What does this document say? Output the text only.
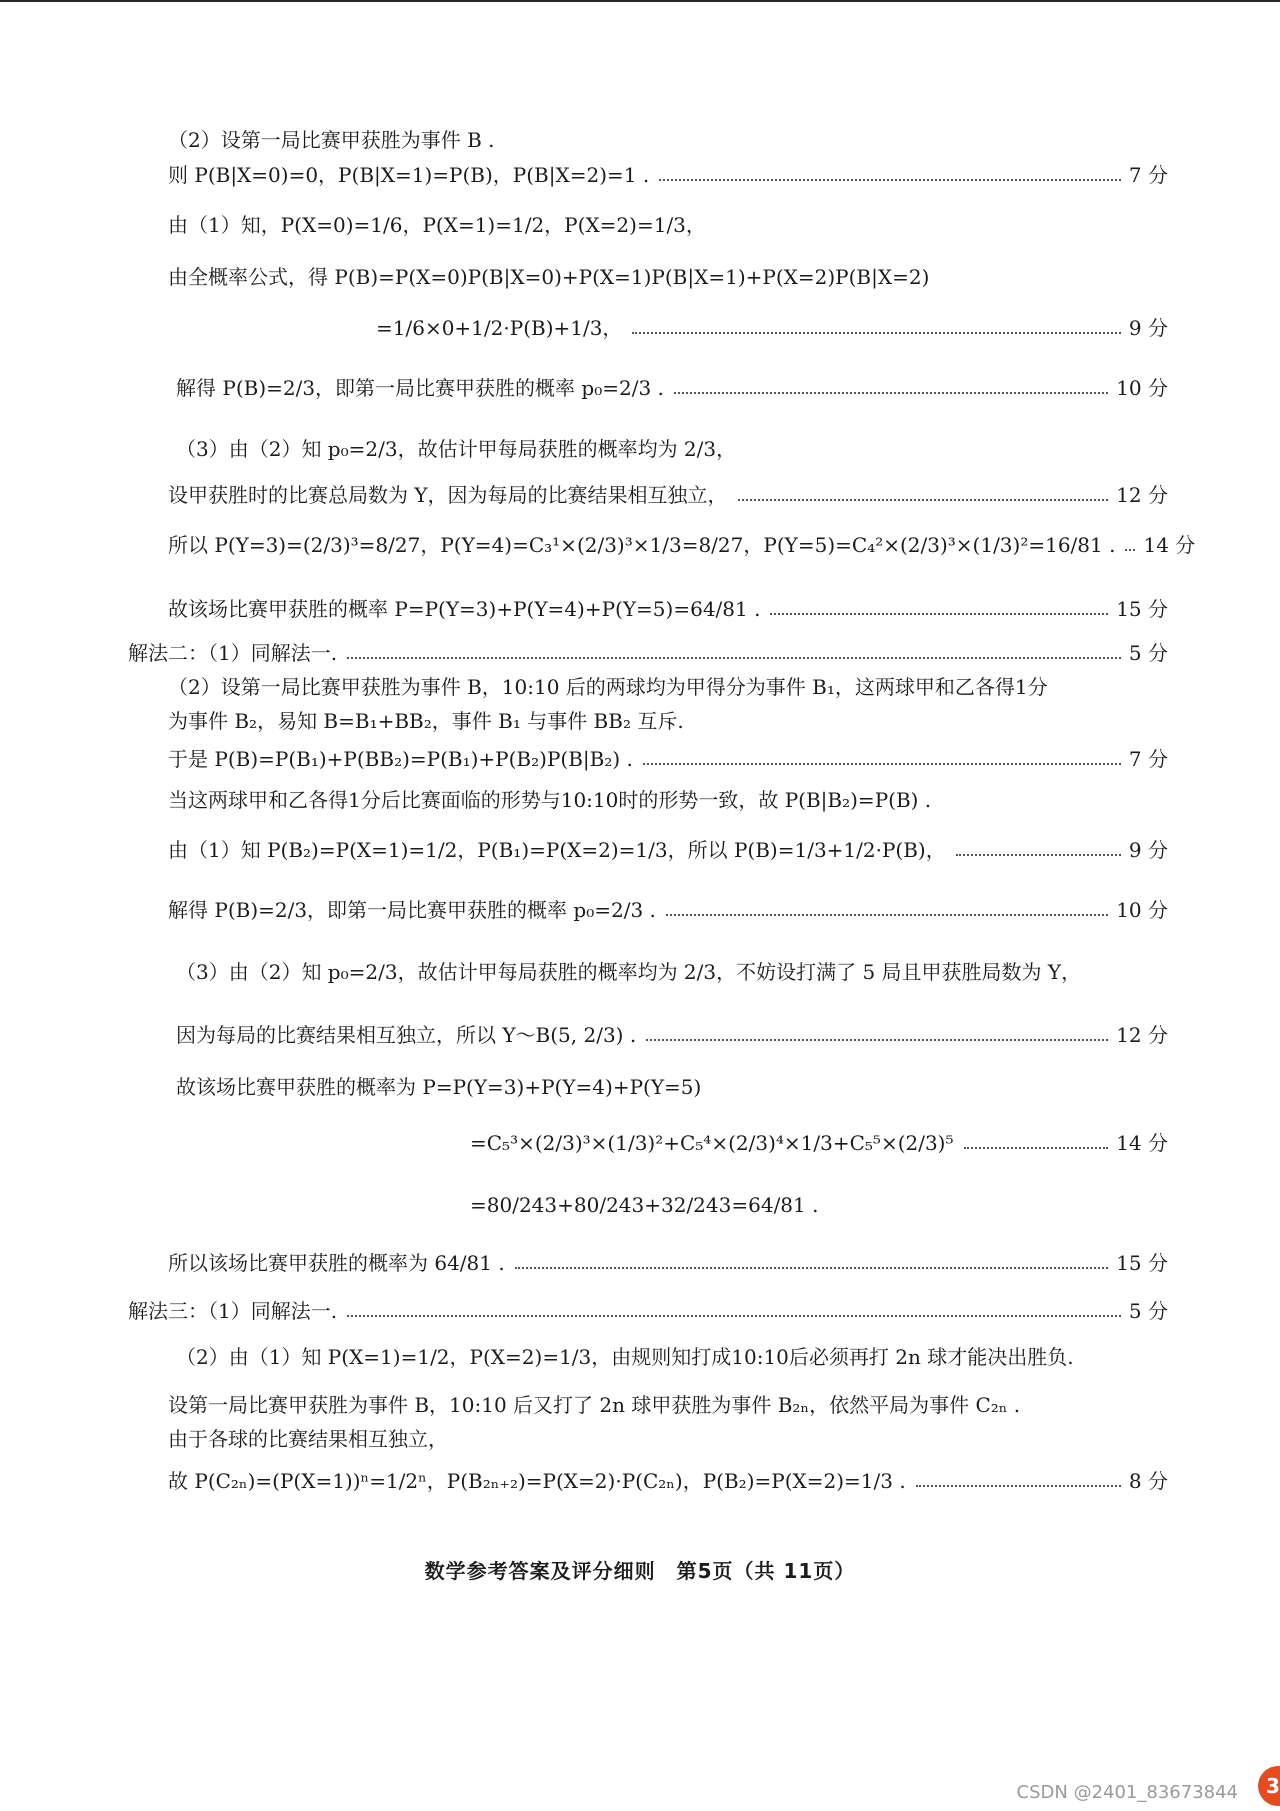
（2）设第一局比赛甲获胜为事件 B .
则 P(B|X=0)=0，P(B|X=1)=P(B)，P(B|X=2)=1 .	7 分
由（1）知，P(X=0)=1/6，P(X=1)=1/2，P(X=2)=1/3，
由全概率公式，得 P(B)=P(X=0)P(B|X=0)+P(X=1)P(B|X=1)+P(X=2)P(B|X=2)
=1/6×0+1/2·P(B)+1/3，	9 分
解得 P(B)=2/3，即第一局比赛甲获胜的概率 p₀=2/3 .	10 分
（3）由（2）知 p₀=2/3，故估计甲每局获胜的概率均为 2/3，
设甲获胜时的比赛总局数为 Y，因为每局的比赛结果相互独立，	12 分
所以 P(Y=3)=(2/3)³=8/27，P(Y=4)=C₃¹×(2/3)³×1/3=8/27，P(Y=5)=C₄²×(2/3)³×(1/3)²=16/81 . 14 分
故该场比赛甲获胜的概率 P=P(Y=3)+P(Y=4)+P(Y=5)=64/81 .	15 分
解法二：（1）同解法一.	5 分
（2）设第一局比赛甲获胜为事件 B，10:10 后的两球均为甲得分为事件 B₁，这两球甲和乙各得1分
为事件 B₂，易知 B=B₁+BB₂，事件 B₁ 与事件 BB₂ 互斥.
于是 P(B)=P(B₁)+P(BB₂)=P(B₁)+P(B₂)P(B|B₂) .	7 分
当这两球甲和乙各得1分后比赛面临的形势与10:10时的形势一致，故 P(B|B₂)=P(B) .
由（1）知 P(B₂)=P(X=1)=1/2，P(B₁)=P(X=2)=1/3，所以 P(B)=1/3+1/2·P(B)，	9 分
解得 P(B)=2/3，即第一局比赛甲获胜的概率 p₀=2/3 .	10 分
（3）由（2）知 p₀=2/3，故估计甲每局获胜的概率均为 2/3，不妨设打满了 5 局且甲获胜局数为 Y，
因为每局的比赛结果相互独立，所以 Y～B(5, 2/3) .	12 分
故该场比赛甲获胜的概率为 P=P(Y=3)+P(Y=4)+P(Y=5)
=C₅³×(2/3)³×(1/3)²+C₅⁴×(2/3)⁴×1/3+C₅⁵×(2/3)⁵	14 分
=80/243+80/243+32/243=64/81 .
所以该场比赛甲获胜的概率为 64/81 .	15 分
解法三：（1）同解法一.	5 分
（2）由（1）知 P(X=1)=1/2，P(X=2)=1/3，由规则知打成10:10后必须再打 2n 球才能决出胜负.
设第一局比赛甲获胜为事件 B，10:10 后又打了 2n 球甲获胜为事件 B₂ₙ，依然平局为事件 C₂ₙ .
由于各球的比赛结果相互独立，
故 P(C₂ₙ)=(P(X=1))ⁿ=1/2ⁿ，P(B₂ₙ₊₂)=P(X=2)·P(C₂ₙ)，P(B₂)=P(X=2)=1/3 .	8 分
数学参考答案及评分细则　第5页（共 11页）
CSDN @2401_83673844	3
